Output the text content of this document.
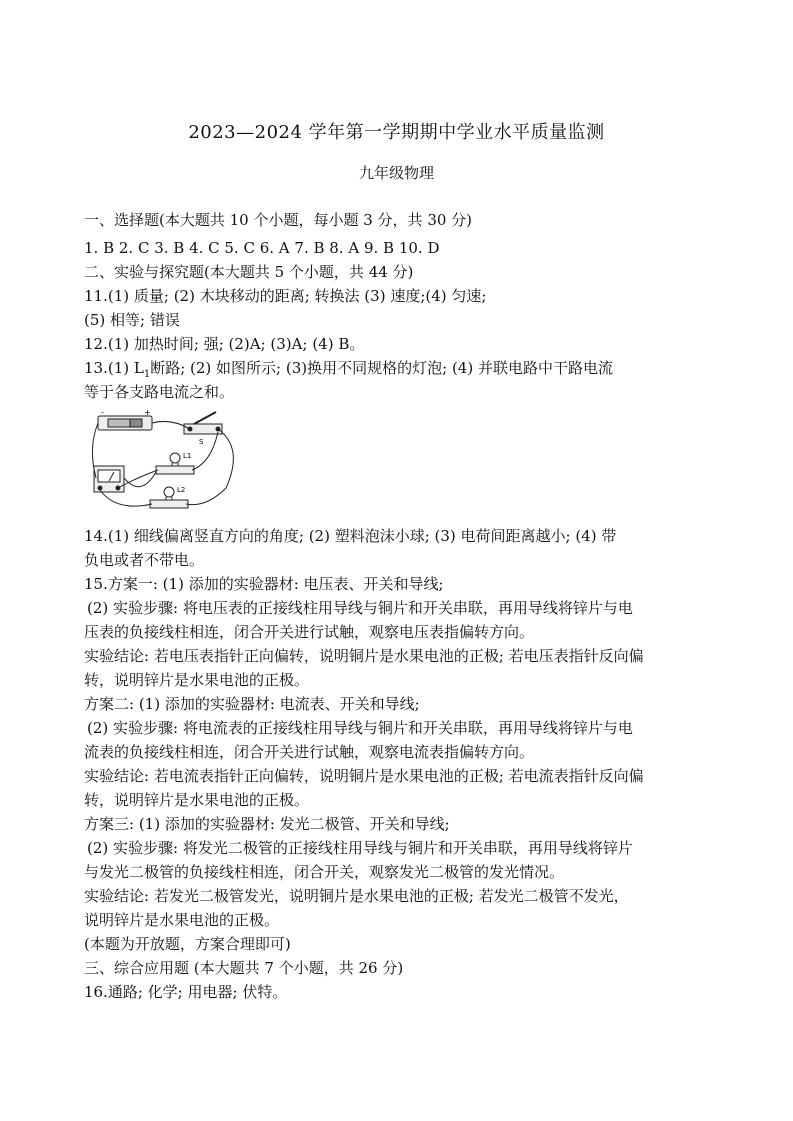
2023—2024 学年第一学期期中学业水平质量监测
九年级物理
一、选择题(本大题共 10 个小题，每小题 3 分，共 30 分)
1. B 2. C 3. B 4. C 5. C 6. A 7. B 8. A 9. B 10. D
二、实验与探究题(本大题共 5 个小题，共 44 分)
11.(1) 质量; (2) 木块移动的距离; 转换法 (3) 速度;(4) 匀速;
(5) 相等; 错误
12.(1) 加热时间; 强; (2)A; (3)A; (4) B。
13.(1) $L_1$断路; (2) 如图所示; (3)换用不同规格的灯泡; (4) 并联电路中干路电流
等于各支路电流之和。
-	+
S
L1
L2
14.(1) 细线偏离竖直方向的角度; (2) 塑料泡沫小球; (3) 电荷间距离越小; (4) 带
负电或者不带电。
15.方案一: (1) 添加的实验器材: 电压表、开关和导线;
(2) 实验步骤: 将电压表的正接线柱用导线与铜片和开关串联，再用导线将锌片与电
压表的负接线柱相连，闭合开关进行试触，观察电压表指偏转方向。
实验结论: 若电压表指针正向偏转，说明铜片是水果电池的正极; 若电压表指针反向偏
转，说明锌片是水果电池的正极。
方案二: (1) 添加的实验器材: 电流表、开关和导线;
(2) 实验步骤: 将电流表的正接线柱用导线与铜片和开关串联，再用导线将锌片与电
流表的负接线柱相连，闭合开关进行试触，观察电流表指偏转方向。
实验结论: 若电流表指针正向偏转，说明铜片是水果电池的正极; 若电流表指针反向偏
转，说明锌片是水果电池的正极。
方案三: (1) 添加的实验器材: 发光二极管、开关和导线;
(2) 实验步骤: 将发光二极管的正接线柱用导线与铜片和开关串联，再用导线将锌片
与发光二极管的负接线柱相连，闭合开关，观察发光二极管的发光情况。
实验结论: 若发光二极管发光，说明铜片是水果电池的正极; 若发光二极管不发光，
说明锌片是水果电池的正极。
(本题为开放题，方案合理即可)
三、综合应用题 (本大题共 7 个小题，共 26 分)
16.通路; 化学; 用电器; 伏特。
